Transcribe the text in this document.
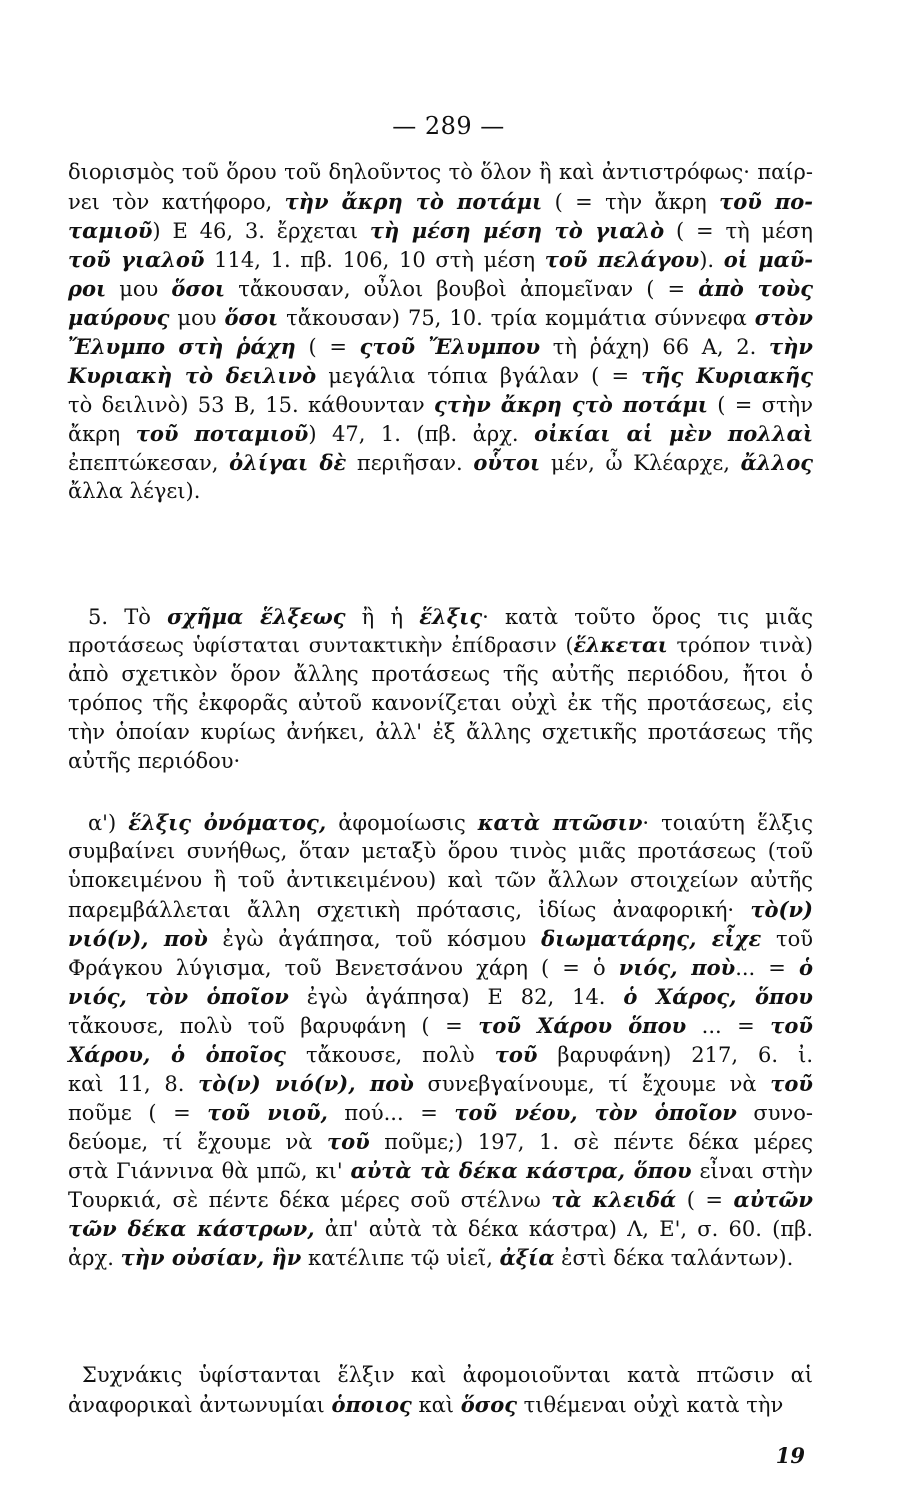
— 289 —
διορισμὸς τοῦ ὅρου τοῦ δηλοῦντος τὸ ὅλον ἢ καὶ ἀντιστρόφως· παίρ-
νει τὸν κατήφορο, τὴν ἄκρη τὸ ποτάμι ( = τὴν ἄκρη τοῦ πο-
ταμιοῦ) Ε 46, 3. ἔρχεται τὴ μέση μέση τὸ γιαλὸ ( = τὴ μέση
τοῦ γιαλοῦ 114, 1. πβ. 106, 10 στὴ μέση τοῦ πελάγου). οἱ μαῦ-
ροι μου ὅσοι τἄκουσαν, οὖλοι βουβοὶ ἀπομεῖναν ( = ἀπὸ τοὺς
μαύρους μου ὅσοι τἄκουσαν) 75, 10. τρία κομμάτια σύννεφα στὸν
Ἔλυμπο στὴ ῥάχη ( = ςτοῦ Ἔλυμπου τὴ ῥάχη) 66 Α, 2. τὴν
Κυριακὴ τὸ δειλινὸ μεγάλια τόπια βγάλαν ( = τῆς Κυριακῆς
τὸ δειλινὸ) 53 Β, 15. κάθουνταν ςτὴν ἄκρη ςτὸ ποτάμι ( = στὴν
ἄκρη τοῦ ποταμιοῦ) 47, 1. (πβ. ἀρχ. οἰκίαι αἱ μὲν πολλαὶ
ἐπεπτώκεσαν, ὀλίγαι δὲ περιῆσαν. οὗτοι μέν, ὦ Κλέαρχε, ἄλλος
ἄλλα λέγει).
5. Τὸ σχῆμα ἕλξεως ἢ ἡ ἕλξις· κατὰ τοῦτο ὅρος τις μιᾶς
προτάσεως ὑφίσταται συντακτικὴν ἐπίδρασιν (ἕλκεται τρόπον τινὰ)
ἀπὸ σχετικὸν ὅρον ἄλλης προτάσεως τῆς αὐτῆς περιόδου, ἤτοι ὁ
τρόπος τῆς ἐκφορᾶς αὐτοῦ κανονίζεται οὐχὶ ἐκ τῆς προτάσεως, εἰς
τὴν ὁποίαν κυρίως ἀνήκει, ἀλλ' ἐξ ἄλλης σχετικῆς προτάσεως τῆς
αὐτῆς περιόδου·
α') ἕλξις ὀνόματος, ἀφομοίωσις κατὰ πτῶσιν· τοιαύτη ἕλξις
συμβαίνει συνήθως, ὅταν μεταξὺ ὅρου τινὸς μιᾶς προτάσεως (τοῦ
ὑποκειμένου ἢ τοῦ ἀντικειμένου) καὶ τῶν ἄλλων στοιχείων αὐτῆς
παρεμβάλλεται ἄλλη σχετικὴ πρότασις, ἰδίως ἀναφορική· τὸ(ν)
νιό(ν), ποὺ ἐγὼ ἀγάπησα, τοῦ κόσμου διωματάρης, εἶχε τοῦ
Φράγκου λύγισμα, τοῦ Βενετσάνου χάρη ( = ὁ νιός, ποὺ... = ὁ
νιός, τὸν ὁποῖον ἐγὼ ἀγάπησα) Ε 82, 14. ὁ Χάρος, ὅπου
τἄκουσε, πολὺ τοῦ βαρυφάνη ( = τοῦ Χάρου ὅπου ... = τοῦ
Χάρου, ὁ ὁποῖος τἄκουσε, πολὺ τοῦ βαρυφάνη) 217, 6. ἰ.
καὶ 11, 8. τὸ(ν) νιό(ν), ποὺ συνεβγαίνουμε, τί ἔχουμε νὰ τοῦ
ποῦμε ( = τοῦ νιοῦ, πού... = τοῦ νέου, τὸν ὁποῖον συνο-
δεύομε, τί ἔχουμε νὰ τοῦ ποῦμε;) 197, 1. σὲ πέντε δέκα μέρες
στὰ Γιάννινα θὰ μπῶ, κι' αὐτὰ τὰ δέκα κάστρα, ὅπου εἶναι στὴν
Τουρκιά, σὲ πέντε δέκα μέρες σοῦ στέλνω τὰ κλειδά ( = αὐτῶν
τῶν δέκα κάστρων, ἀπ' αὐτὰ τὰ δέκα κάστρα) Λ, Ε', σ. 60. (πβ.
ἀρχ. τὴν οὐσίαν, ἣν κατέλιπε τῷ υἱεῖ, ἀξία ἐστὶ δέκα ταλάντων).
Συχνάκις ὑφίστανται ἕλξιν καὶ ἀφομοιοῦνται κατὰ πτῶσιν αἱ
ἀναφορικαὶ ἀντωνυμίαι ὁποιος καὶ ὅσος τιθέμεναι οὐχὶ κατὰ τὴν
19
